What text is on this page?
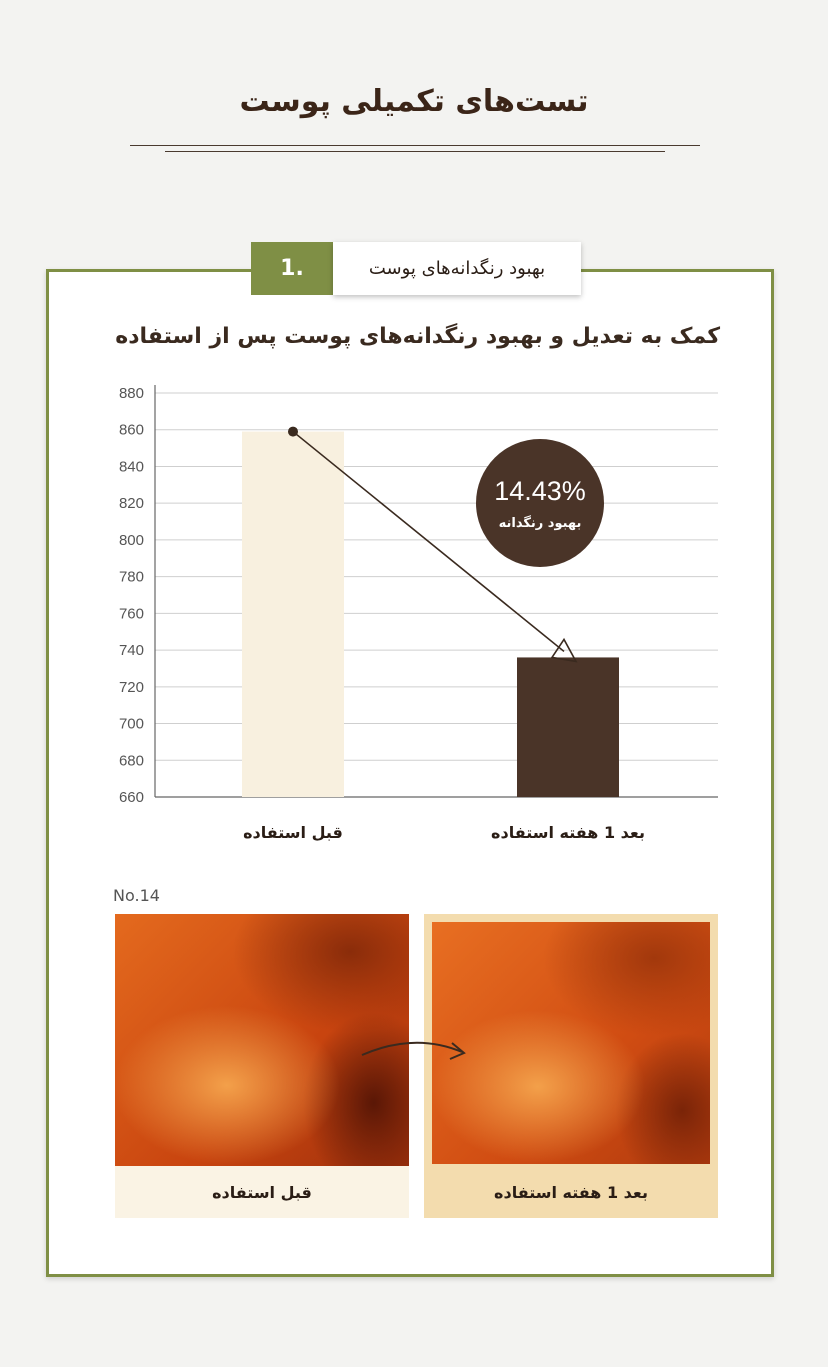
تست‌های تکمیلی پوست
1.	بهبود رنگدانه‌های پوست
کمک به تعدیل و بهبود رنگدانه‌های پوست پس از استفاده
880
860
840
820
800
780
760
740
720
700
680
660
14.43%
بهبود رنگدانه
قبل استفاده	بعد 1 هفته استفاده
No.14
قبل استفاده	بعد 1 هفته استفاده
